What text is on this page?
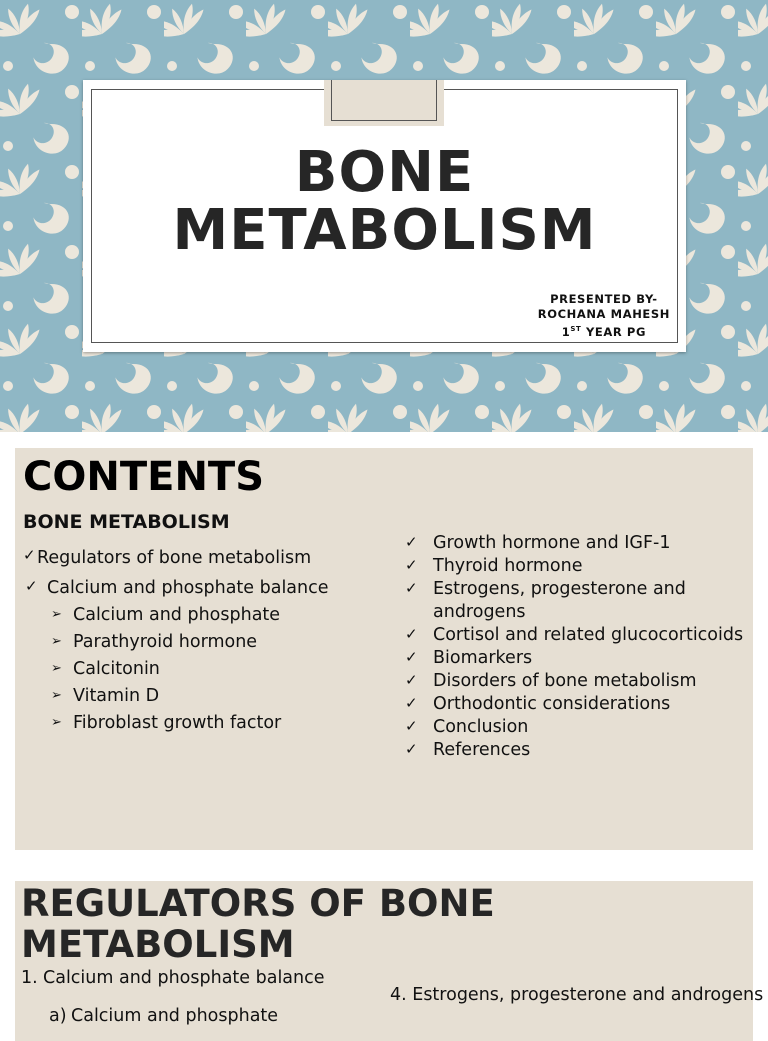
BONE
METABOLISM
PRESENTED BY-
ROCHANA MAHESH
1ST YEAR PG
CONTENTS
BONE METABOLISM
✓Regulators of bone metabolism
✓ Calcium and phosphate balance
➢ Calcium and phosphate
➢ Parathyroid hormone
➢ Calcitonin
➢ Vitamin D
➢ Fibroblast growth factor
✓ Growth hormone and IGF-1
✓ Thyroid hormone
✓ Estrogens, progesterone and androgens
✓ Cortisol and related glucocorticoids
✓ Biomarkers
✓ Disorders of bone metabolism
✓ Orthodontic considerations
✓ Conclusion
✓ References
REGULATORS OF BONE METABOLISM
1. Calcium and phosphate balance
a) Calcium and phosphate
4. Estrogens, progesterone and androgens
